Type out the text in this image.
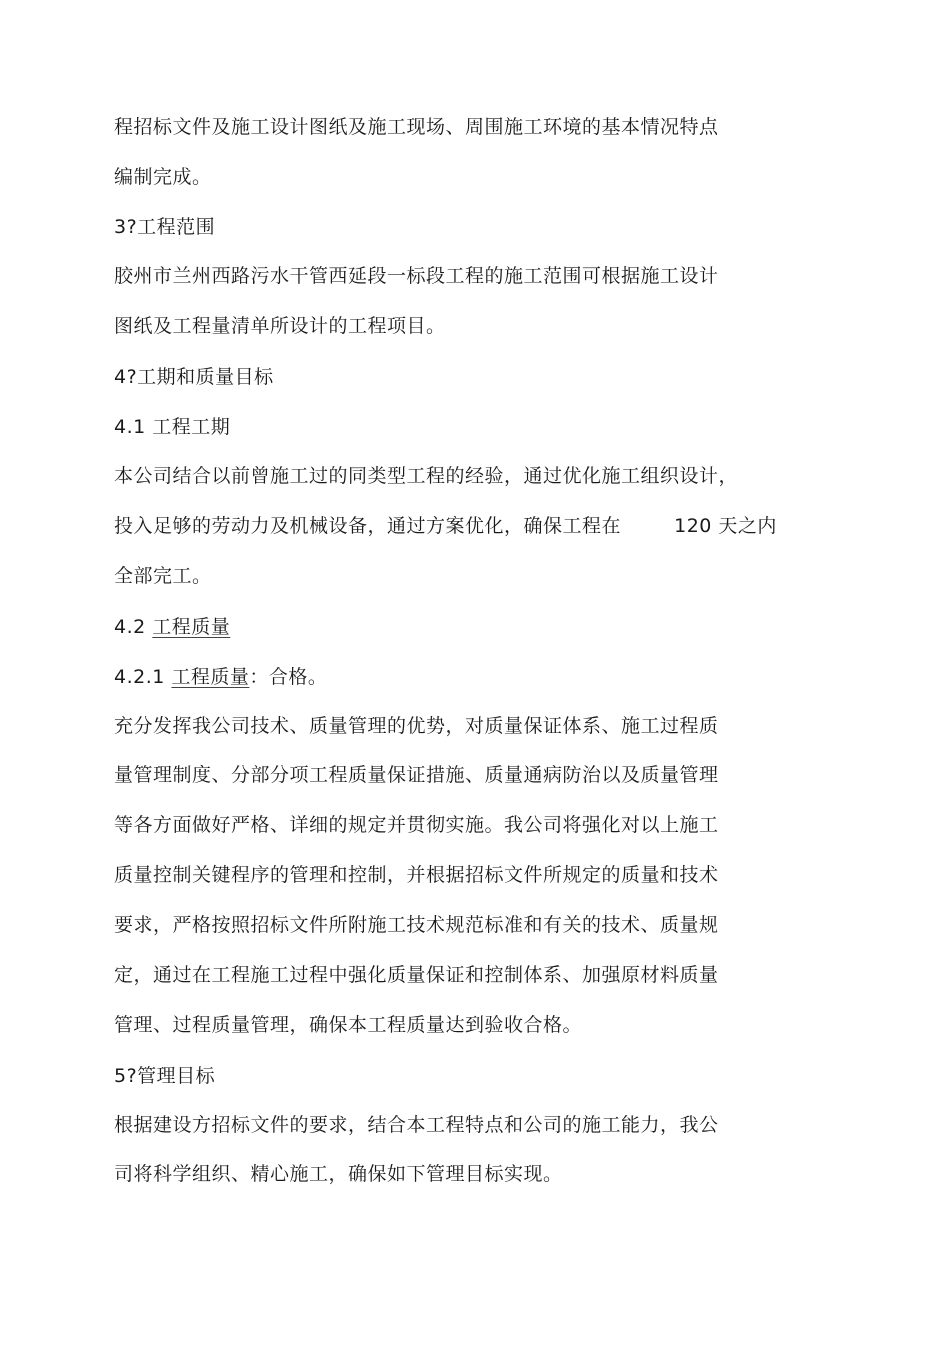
程招标文件及施工设计图纸及施工现场、周围施工环境的基本情况特点
编制完成。
3?工程范围
胶州市兰州西路污水干管西延段一标段工程的施工范围可根据施工设计
图纸及工程量清单所设计的工程项目。
4?工期和质量目标
4.1 工程工期
本公司结合以前曾施工过的同类型工程的经验，通过优化施工组织设计，
投入足够的劳动力及机械设备，通过方案优化，确保工程在	120 天之内
全部完工。
4.2 工程质量
4.2.1 工程质量：合格。
充分发挥我公司技术、质量管理的优势，对质量保证体系、施工过程质
量管理制度、分部分项工程质量保证措施、质量通病防治以及质量管理
等各方面做好严格、详细的规定并贯彻实施。我公司将强化对以上施工
质量控制关键程序的管理和控制，并根据招标文件所规定的质量和技术
要求，严格按照招标文件所附施工技术规范标准和有关的技术、质量规
定，通过在工程施工过程中强化质量保证和控制体系、加强原材料质量
管理、过程质量管理，确保本工程质量达到验收合格。
5?管理目标
根据建设方招标文件的要求，结合本工程特点和公司的施工能力，我公
司将科学组织、精心施工，确保如下管理目标实现。
